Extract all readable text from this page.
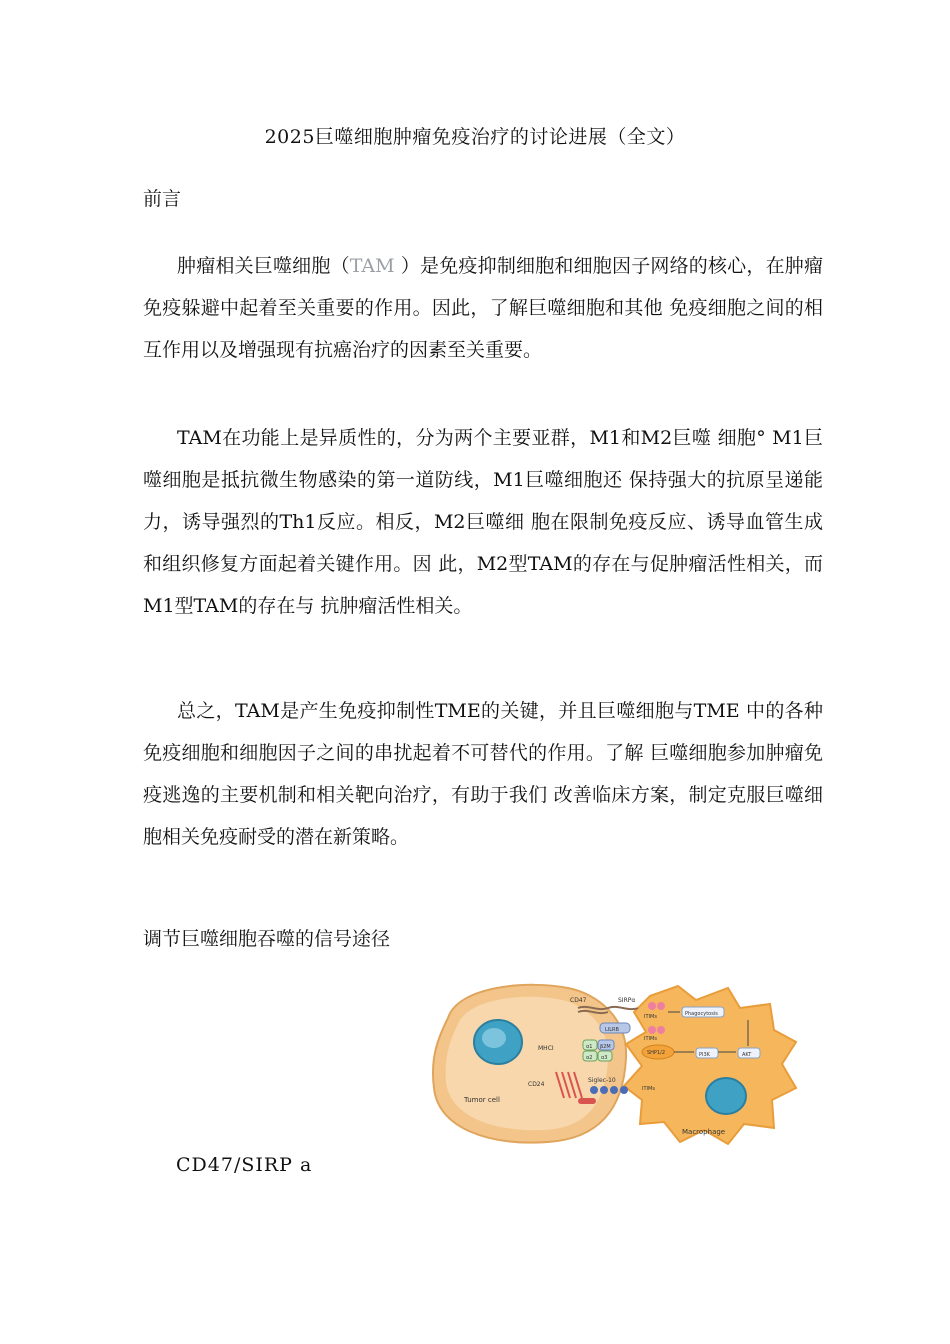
2025巨噬细胞肿瘤免疫治疗的讨论进展（全文）
前言

肿瘤相关巨噬细胞（TAM ）是免疫抑制细胞和细胞因子网络的核心，在肿瘤免疫躲避中起着至关重要的作用。因此，了解巨噬细胞和其他 免疫细胞之间的相互作用以及增强现有抗癌治疗的因素至关重要。

TAM在功能上是异质性的，分为两个主要亚群，M1和M2巨噬 细胞° M1巨噬细胞是抵抗微生物感染的第一道防线，M1巨噬细胞还 保持强大的抗原呈递能力，诱导强烈的Th1反应。相反，M2巨噬细 胞在限制免疫反应、诱导血管生成和组织修复方面起着关键作用。因 此，M2型TAM的存在与促肿瘤活性相关，而M1型TAM的存在与 抗肿瘤活性相关。

总之，TAM是产生免疫抑制性TME的关键，并且巨噬细胞与TME 中的各种免疫细胞和细胞因子之间的串扰起着不可替代的作用。了解 巨噬细胞参加肿瘤免疫逃逸的主要机制和相关靶向治疗，有助于我们 改善临床方案，制定克服巨噬细胞相关免疫耐受的潜在新策略。

调节巨噬细胞吞噬的信号途径
Tumor cell
Macrophage
CD47	SIRPα
MHCI
CD24
LILRB
β2M
α1
α2 α3
Siglec-10
ITIMs
ITIMs
ITIMs
SHP1/2	PI3K	AKT
Phagocytosis
CD47/SIRP a
